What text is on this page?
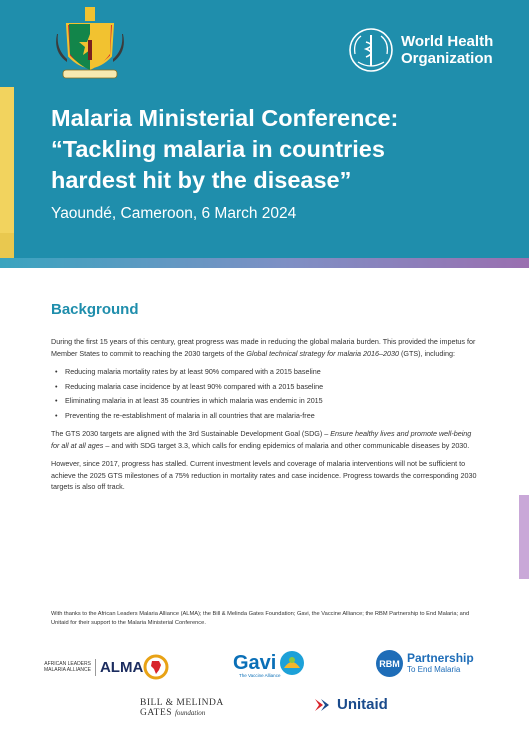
World Health
Organization
Malaria Ministerial Conference:
“Tackling malaria in countries
hardest hit by the disease”
Yaoundé, Cameroon, 6 March 2024
Background

During the first 15 years of this century, great progress was made in reducing the global malaria burden. This provided the impetus for Member States to commit to reaching the 2030 targets of the Global technical strategy for malaria 2016–2030 (GTS), including:

• Reducing malaria mortality rates by at least 90% compared with a 2015 baseline
• Reducing malaria case incidence by at least 90% compared with a 2015 baseline
• Eliminating malaria in at least 35 countries in which malaria was endemic in 2015
• Preventing the re-establishment of malaria in all countries that are malaria-free

The GTS 2030 targets are aligned with the 3rd Sustainable Development Goal (SDG) – Ensure healthy lives and promote well-being for all at all ages – and with SDG target 3.3, which calls for ending epidemics of malaria and other communicable diseases by 2030.

However, since 2017, progress has stalled. Current investment levels and coverage of malaria interventions will not be sufficient to achieve the 2025 GTS milestones of a 75% reduction in mortality rates and case incidence. Progress towards the corresponding 2030 targets is also off track.

With thanks to the African Leaders Malaria Alliance (ALMA); the Bill & Melinda Gates Foundation; Gavi, the Vaccine Alliance; the RBM Partnership to End Malaria; and Unitaid for their support to the Malaria Ministerial Conference.
AFRICAN LEADERS
MALARIA ALLIANCE ALMA	Gavi
The Vaccine Alliance
RBM Partnership
To End Malaria
BILL & MELINDA
GATES foundation	Unitaid
